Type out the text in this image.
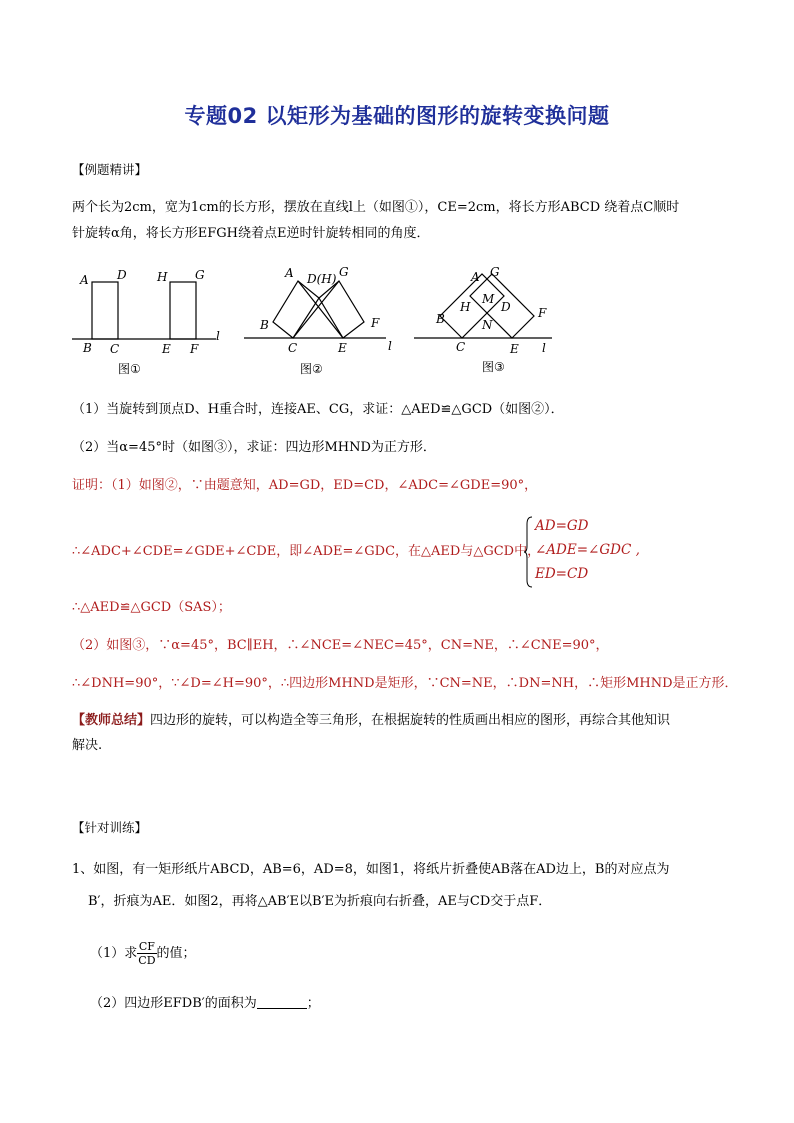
专题02 以矩形为基础的图形的旋转变换问题
【例题精讲】
两个长为2cm，宽为1cm的长方形，摆放在直线l上（如图①），CE=2cm，将长方形ABCD 绕着点C顺时
针旋转α角，将长方形EFGH绕着点E逆时针旋转相同的角度．
A D	H G
B C	E F
l
图①
A D(H) G
B	F
C	E	l
图②
A G
M
H	D
B	N
F
C	E l
图③
（1）当旋转到顶点D、H重合时，连接AE、CG，求证：△AED≌△GCD（如图②）．
（2）当α=45°时（如图③），求证：四边形MHND为正方形．
证明：（1）如图②，∵由题意知，AD=GD，ED=CD，∠ADC=∠GDE=90°，
∴∠ADC+∠CDE=∠GDE+∠CDE，即∠ADE=∠GDC，在△AED与△GCD中，
AD=GD
∠ADE=∠GDC ,
ED=CD
∴△AED≌△GCD（SAS）；
（2）如图③，∵α=45°，BC∥EH，∴∠NCE=∠NEC=45°，CN=NE，∴∠CNE=90°，
∴∠DNH=90°，∵∠D=∠H=90°，∴四边形MHND是矩形，∵CN=NE，∴DN=NH，∴矩形MHND是正方形．
【教师总结】四边形的旋转，可以构造全等三角形，在根据旋转的性质画出相应的图形，再综合其他知识
解决.
【针对训练】
1、如图，有一矩形纸片ABCD，AB=6，AD=8，如图1，将纸片折叠使AB落在AD边上，B的对应点为
B′，折痕为AE．如图2，再将△AB′E以B′E为折痕向右折叠，AE与CD交于点F．
（1）求 $\frac{CF}{CD}$ 的值；
（2）四边形EFDB′的面积为	；
